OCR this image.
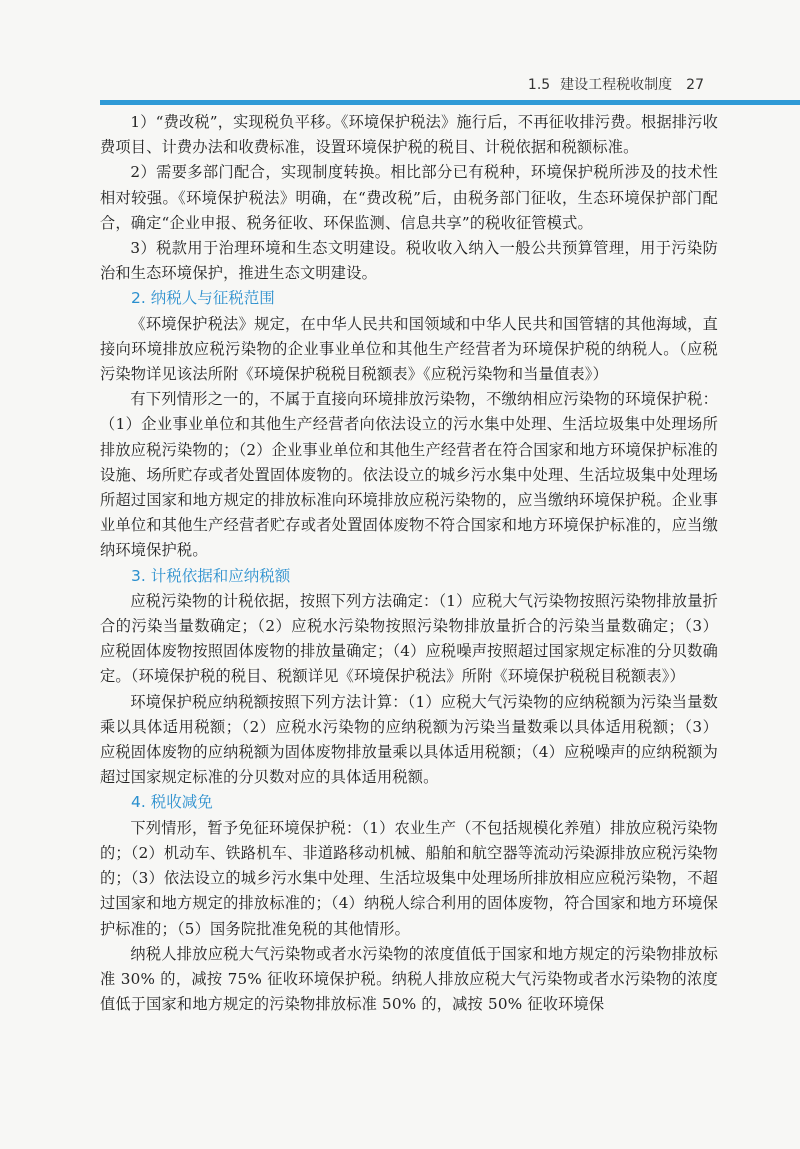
1.5 建设工程税收制度 27

1）“费改税”，实现税负平移。《环境保护税法》施行后，不再征收排污费。根据排污收费项目、计费办法和收费标准，设置环境保护税的税目、计税依据和税额标准。

2）需要多部门配合，实现制度转换。相比部分已有税种，环境保护税所涉及的技术性相对较强。《环境保护税法》明确，在“费改税”后，由税务部门征收，生态环境保护部门配合，确定“企业申报、税务征收、环保监测、信息共享”的税收征管模式。

3）税款用于治理环境和生态文明建设。税收收入纳入一般公共预算管理，用于污染防治和生态环境保护，推进生态文明建设。

2. 纳税人与征税范围

《环境保护税法》规定，在中华人民共和国领域和中华人民共和国管辖的其他海域，直接向环境排放应税污染物的企业事业单位和其他生产经营者为环境保护税的纳税人。（应税污染物详见该法所附《环境保护税税目税额表》《应税污染物和当量值表》）

有下列情形之一的，不属于直接向环境排放污染物，不缴纳相应污染物的环境保护税：（1）企业事业单位和其他生产经营者向依法设立的污水集中处理、生活垃圾集中处理场所排放应税污染物的；（2）企业事业单位和其他生产经营者在符合国家和地方环境保护标准的设施、场所贮存或者处置固体废物的。依法设立的城乡污水集中处理、生活垃圾集中处理场所超过国家和地方规定的排放标准向环境排放应税污染物的，应当缴纳环境保护税。企业事业单位和其他生产经营者贮存或者处置固体废物不符合国家和地方环境保护标准的，应当缴纳环境保护税。

3. 计税依据和应纳税额

应税污染物的计税依据，按照下列方法确定：（1）应税大气污染物按照污染物排放量折合的污染当量数确定；（2）应税水污染物按照污染物排放量折合的污染当量数确定；（3）应税固体废物按照固体废物的排放量确定；（4）应税噪声按照超过国家规定标准的分贝数确定。（环境保护税的税目、税额详见《环境保护税法》所附《环境保护税税目税额表》）

环境保护税应纳税额按照下列方法计算：（1）应税大气污染物的应纳税额为污染当量数乘以具体适用税额；（2）应税水污染物的应纳税额为污染当量数乘以具体适用税额；（3）应税固体废物的应纳税额为固体废物排放量乘以具体适用税额；（4）应税噪声的应纳税额为超过国家规定标准的分贝数对应的具体适用税额。

4. 税收减免

下列情形，暂予免征环境保护税：（1）农业生产（不包括规模化养殖）排放应税污染物的；（2）机动车、铁路机车、非道路移动机械、船舶和航空器等流动污染源排放应税污染物的；（3）依法设立的城乡污水集中处理、生活垃圾集中处理场所排放相应应税污染物，不超过国家和地方规定的排放标准的；（4）纳税人综合利用的固体废物，符合国家和地方环境保护标准的；（5）国务院批准免税的其他情形。

纳税人排放应税大气污染物或者水污染物的浓度值低于国家和地方规定的污染物排放标准 30% 的，减按 75% 征收环境保护税。纳税人排放应税大气污染物或者水污染物的浓度值低于国家和地方规定的污染物排放标准 50% 的，减按 50% 征收环境保
